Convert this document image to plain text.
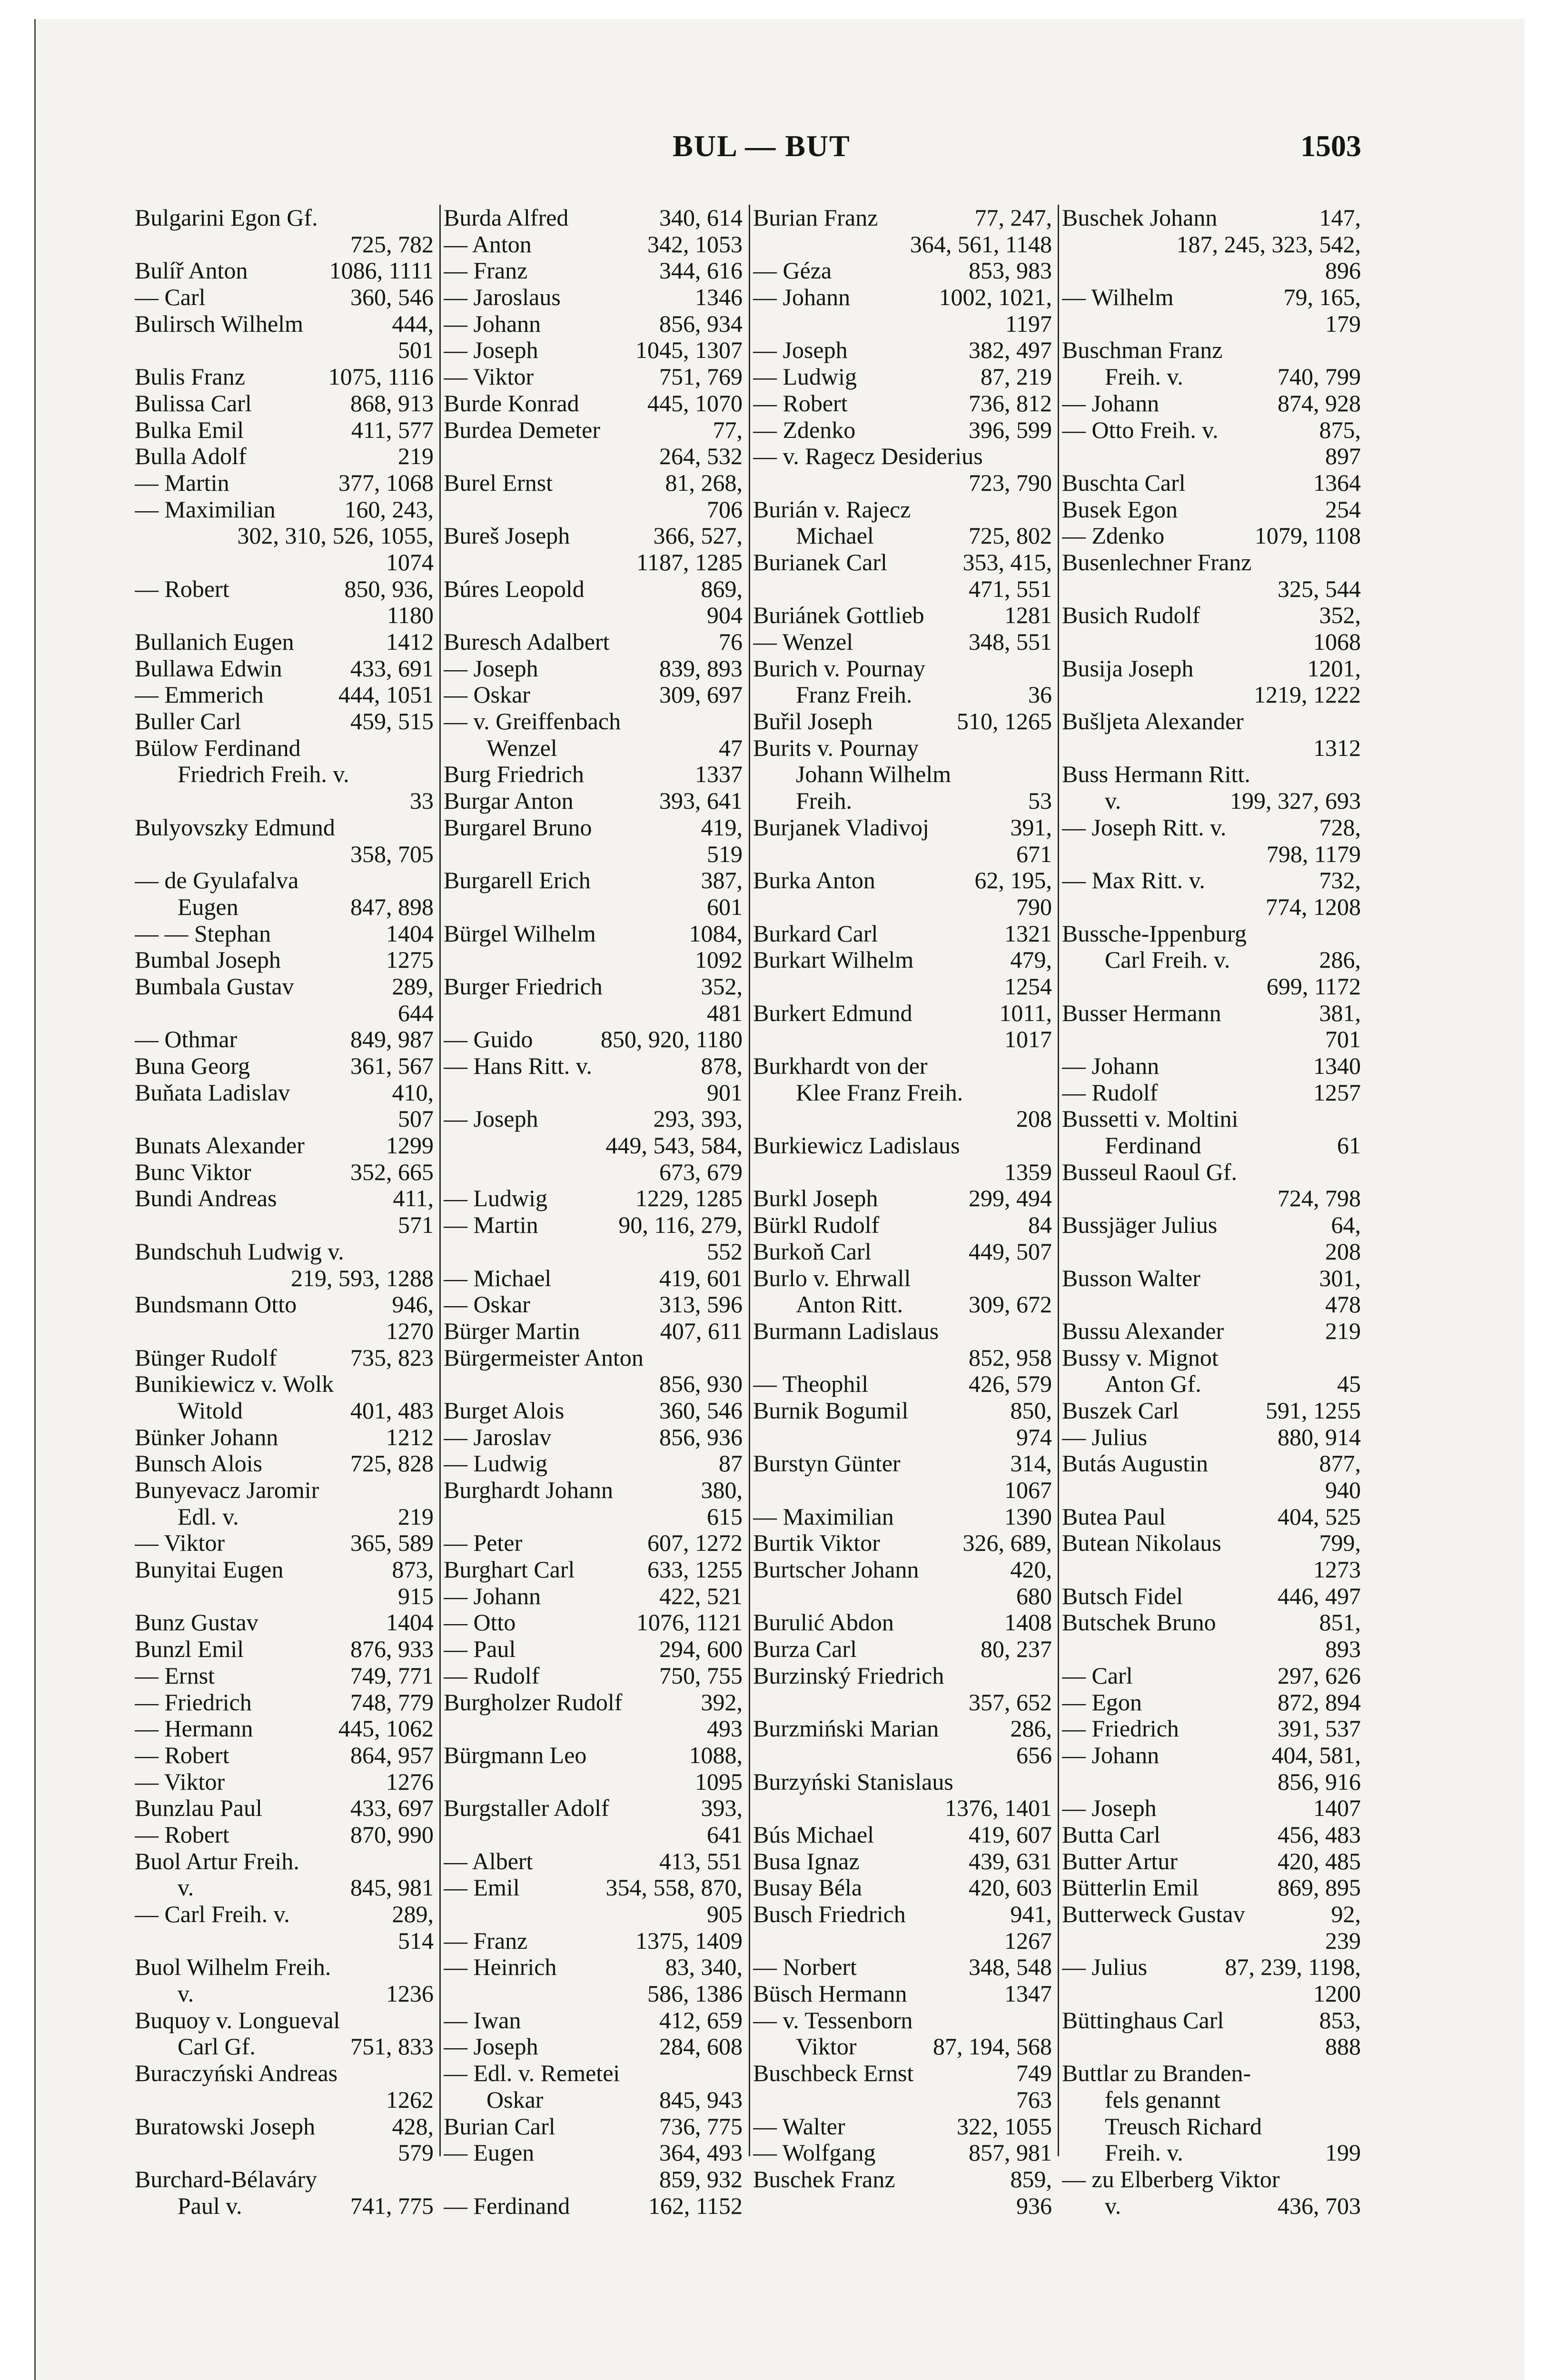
BUL — BUT	1503
Bulgarini Egon Gf.
725, 782
Bulíř Anton	1086, 1111
— Carl	360, 546
Bulirsch Wilhelm	444,
501
Bulis Franz	1075, 1116
Bulissa Carl	868, 913
Bulka Emil	411, 577
Bulla Adolf	219
— Martin	377, 1068
— Maximilian	160, 243,
302, 310, 526, 1055,
1074
— Robert	850, 936,
1180
Bullanich Eugen	1412
Bullawa Edwin	433, 691
— Emmerich	444, 1051
Buller Carl	459, 515
Bülow Ferdinand
Friedrich Freih. v.
33
Bulyovszky Edmund
358, 705
— de Gyulafalva
Eugen	847, 898
— — Stephan	1404
Bumbal Joseph	1275
Bumbala Gustav	289,
644
— Othmar	849, 987
Buna Georg	361, 567
Buňata Ladislav	410,
507
Bunats Alexander	1299
Bunc Viktor	352, 665
Bundi Andreas	411,
571
Bundschuh Ludwig v.
219, 593, 1288
Bundsmann Otto	946,
1270
Bünger Rudolf	735, 823
Bunikiewicz v. Wolk
Witold	401, 483
Bünker Johann	1212
Bunsch Alois	725, 828
Bunyevacz Jaromir
Edl. v.	219
— Viktor	365, 589
Bunyitai Eugen	873,
915
Bunz Gustav	1404
Bunzl Emil	876, 933
— Ernst	749, 771
— Friedrich	748, 779
— Hermann	445, 1062
— Robert	864, 957
— Viktor	1276
Bunzlau Paul	433, 697
— Robert	870, 990
Buol Artur Freih.
v.	845, 981
— Carl Freih. v.	289,
514
Buol Wilhelm Freih.
v.	1236
Buquoy v. Longueval
Carl Gf.	751, 833
Buraczyński Andreas
1262
Buratowski Joseph	428,
579
Burchard-Bélaváry
Paul v.	741, 775
Burda Alfred	340, 614
— Anton	342, 1053
— Franz	344, 616
— Jaroslaus	1346
— Johann	856, 934
— Joseph	1045, 1307
— Viktor	751, 769
Burde Konrad	445, 1070
Burdea Demeter	77,
264, 532
Burel Ernst	81, 268,
706
Bureš Joseph	366, 527,
1187, 1285
Búres Leopold	869,
904
Buresch Adalbert	76
— Joseph	839, 893
— Oskar	309, 697
— v. Greiffenbach
Wenzel	47
Burg Friedrich	1337
Burgar Anton	393, 641
Burgarel Bruno	419,
519
Burgarell Erich	387,
601
Bürgel Wilhelm	1084,
1092
Burger Friedrich	352,
481
— Guido	850, 920, 1180
— Hans Ritt. v.	878,
901
— Joseph	293, 393,
449, 543, 584,
673, 679
— Ludwig	1229, 1285
— Martin	90, 116, 279,
552
— Michael	419, 601
— Oskar	313, 596
Bürger Martin	407, 611
Bürgermeister Anton
856, 930
Burget Alois	360, 546
— Jaroslav	856, 936
— Ludwig	87
Burghardt Johann	380,
615
— Peter	607, 1272
Burghart Carl	633, 1255
— Johann	422, 521
— Otto	1076, 1121
— Paul	294, 600
— Rudolf	750, 755
Burgholzer Rudolf	392,
493
Bürgmann Leo	1088,
1095
Burgstaller Adolf	393,
641
— Albert	413, 551
— Emil	354, 558, 870,
905
— Franz	1375, 1409
— Heinrich	83, 340,
586, 1386
— Iwan	412, 659
— Joseph	284, 608
— Edl. v. Remetei
Oskar	845, 943
Burian Carl	736, 775
— Eugen	364, 493
859, 932
— Ferdinand	162, 1152
Burian Franz	77, 247,
364, 561, 1148
— Géza	853, 983
— Johann	1002, 1021,
1197
— Joseph	382, 497
— Ludwig	87, 219
— Robert	736, 812
— Zdenko	396, 599
— v. Ragecz Desiderius
723, 790
Burián v. Rajecz
Michael	725, 802
Burianek Carl	353, 415,
471, 551
Buriánek Gottlieb	1281
— Wenzel	348, 551
Burich v. Pournay
Franz Freih.	36
Buřil Joseph	510, 1265
Burits v. Pournay
Johann Wilhelm
Freih.	53
Burjanek Vladivoj	391,
671
Burka Anton	62, 195,
790
Burkard Carl	1321
Burkart Wilhelm	479,
1254
Burkert Edmund	1011,
1017
Burkhardt von der
Klee Franz Freih.
208
Burkiewicz Ladislaus
1359
Burkl Joseph	299, 494
Bürkl Rudolf	84
Burkoň Carl	449, 507
Burlo v. Ehrwall
Anton Ritt.	309, 672
Burmann Ladislaus
852, 958
— Theophil	426, 579
Burnik Bogumil	850,
974
Burstyn Günter	314,
1067
— Maximilian	1390
Burtik Viktor	326, 689,
Burtscher Johann	420,
680
Burulić Abdon	1408
Burza Carl	80, 237
Burzinský Friedrich
357, 652
Burzmiński Marian	286,
656
Burzyński Stanislaus
1376, 1401
Bús Michael	419, 607
Busa Ignaz	439, 631
Busay Béla	420, 603
Busch Friedrich	941,
1267
— Norbert	348, 548
Büsch Hermann	1347
— v. Tessenborn
Viktor	87, 194, 568
Buschbeck Ernst	749
763
— Walter	322, 1055
— Wolfgang	857, 981
Buschek Franz	859,
936
Buschek Johann	147,
187, 245, 323, 542,
896
— Wilhelm	79, 165,
179
Buschman Franz
Freih. v.	740, 799
— Johann	874, 928
— Otto Freih. v.	875,
897
Buschta Carl	1364
Busek Egon	254
— Zdenko	1079, 1108
Busenlechner Franz
325, 544
Busich Rudolf	352,
1068
Busija Joseph	1201,
1219, 1222
Bušljeta Alexander
1312
Buss Hermann Ritt.
v.	199, 327, 693
— Joseph Ritt. v.	728,
798, 1179
— Max Ritt. v.	732,
774, 1208
Bussche-Ippenburg
Carl Freih. v.	286,
699, 1172
Busser Hermann	381,
701
— Johann	1340
— Rudolf	1257
Bussetti v. Moltini
Ferdinand	61
Busseul Raoul Gf.
724, 798
Bussjäger Julius	64,
208
Busson Walter	301,
478
Bussu Alexander	219
Bussy v. Mignot
Anton Gf.	45
Buszek Carl	591, 1255
— Julius	880, 914
Butás Augustin	877,
940
Butea Paul	404, 525
Butean Nikolaus	799,
1273
Butsch Fidel	446, 497
Butschek Bruno	851,
893
— Carl	297, 626
— Egon	872, 894
— Friedrich	391, 537
— Johann	404, 581,
856, 916
— Joseph	1407
Butta Carl	456, 483
Butter Artur	420, 485
Bütterlin Emil	869, 895
Butterweck Gustav	92,
239
— Julius	87, 239, 1198,
1200
Büttinghaus Carl	853,
888
Buttlar zu Branden-
fels genannt
Treusch Richard
Freih. v.	199
— zu Elberberg Viktor
v.	436, 703
